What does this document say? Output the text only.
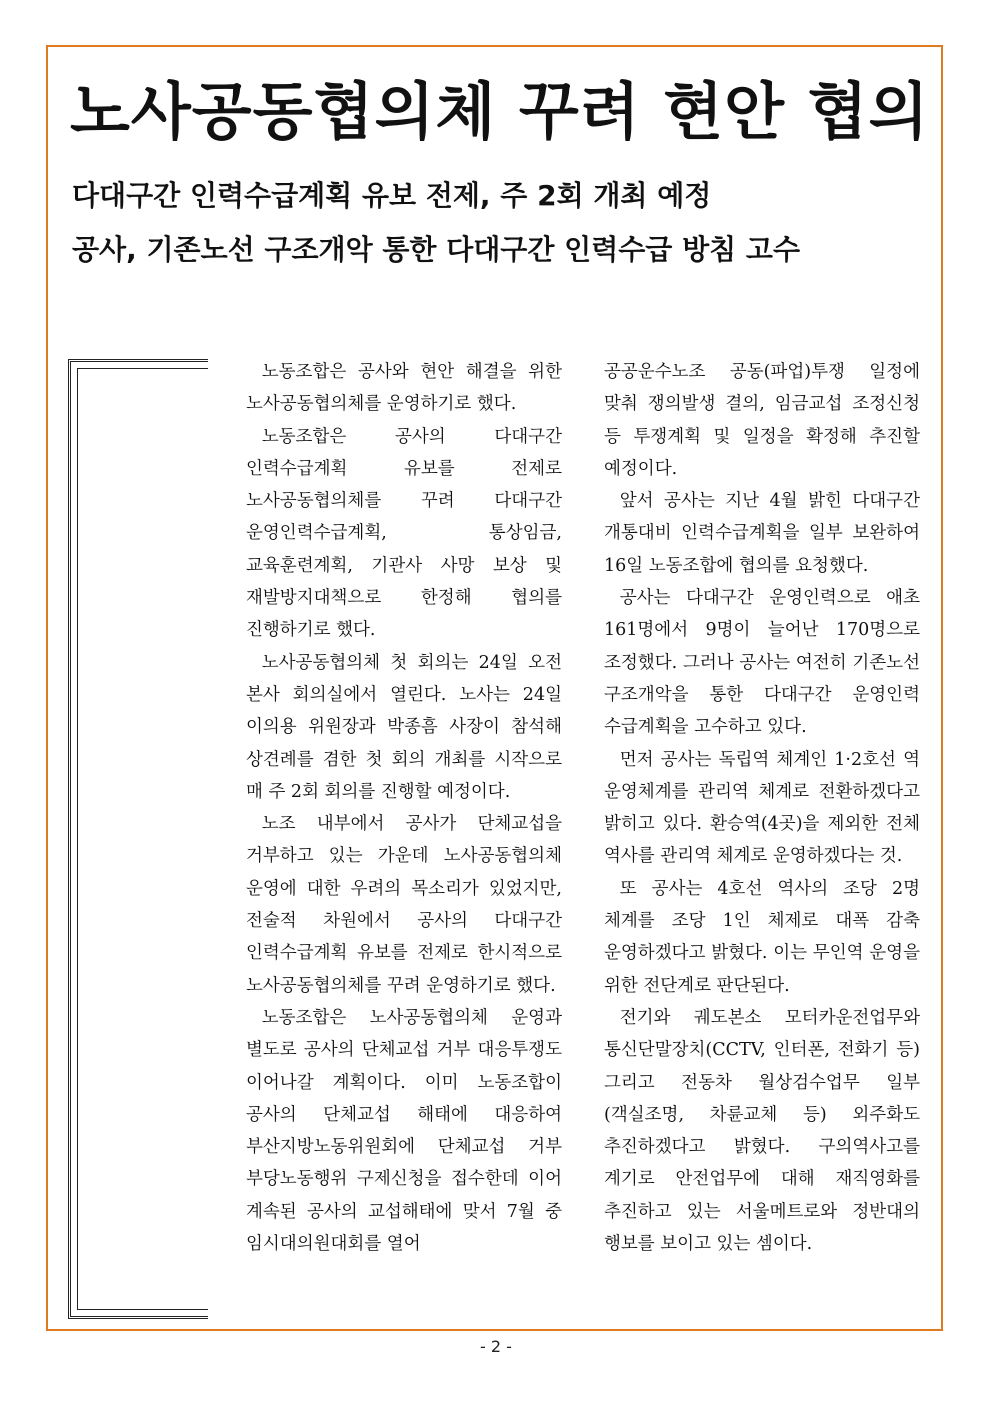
노사공동협의체 꾸려 현안 협의
다대구간 인력수급계획 유보 전제, 주 2회 개최 예정
공사, 기존노선 구조개악 통한 다대구간 인력수급 방침 고수

노동조합은 공사와 현안 해결을 위한 노사공동협의체를 운영하기로 했다.

노동조합은 공사의 다대구간 인력수급계획 유보를 전제로 노사공동협의체를 꾸려 다대구간 운영인력수급계획, 통상임금, 교육훈련계획, 기관사 사망 보상 및 재발방지대책으로 한정해 협의를 진행하기로 했다.

노사공동협의체 첫 회의는 24일 오전 본사 회의실에서 열린다. 노사는 24일 이의용 위원장과 박종흠 사장이 참석해 상견례를 겸한 첫 회의 개최를 시작으로 매 주 2회 회의를 진행할 예정이다.

노조 내부에서 공사가 단체교섭을 거부하고 있는 가운데 노사공동협의체 운영에 대한 우려의 목소리가 있었지만, 전술적 차원에서 공사의 다대구간 인력수급계획 유보를 전제로 한시적으로 노사공동협의체를 꾸려 운영하기로 했다.

노동조합은 노사공동협의체 운영과 별도로 공사의 단체교섭 거부 대응투쟁도 이어나갈 계획이다. 이미 노동조합이 공사의 단체교섭 해태에 대응하여 부산지방노동위원회에 단체교섭 거부 부당노동행위 구제신청을 접수한데 이어 계속된 공사의 교섭해태에 맞서 7월 중 임시대의원대회를 열어

공공운수노조 공동(파업)투쟁 일정에 맞춰 쟁의발생 결의, 임금교섭 조정신청 등 투쟁계획 및 일정을 확정해 추진할 예정이다.

앞서 공사는 지난 4월 밝힌 다대구간 개통대비 인력수급계획을 일부 보완하여 16일 노동조합에 협의를 요청했다.

공사는 다대구간 운영인력으로 애초 161명에서 9명이 늘어난 170명으로 조정했다. 그러나 공사는 여전히 기존노선 구조개악을 통한 다대구간 운영인력 수급계획을 고수하고 있다.

먼저 공사는 독립역 체계인 1·2호선 역 운영체계를 관리역 체계로 전환하겠다고 밝히고 있다. 환승역(4곳)을 제외한 전체 역사를 관리역 체계로 운영하겠다는 것.

또 공사는 4호선 역사의 조당 2명 체계를 조당 1인 체제로 대폭 감축 운영하겠다고 밝혔다. 이는 무인역 운영을 위한 전단계로 판단된다.

전기와 궤도본소 모터카운전업무와 통신단말장치(CCTV, 인터폰, 전화기 등) 그리고 전동차 월상검수업무 일부(객실조명, 차륜교체 등) 외주화도 추진하겠다고 밝혔다. 구의역사고를 계기로 안전업무에 대해 재직영화를 추진하고 있는 서울메트로와 정반대의 행보를 보이고 있는 셈이다.

- 2 -
